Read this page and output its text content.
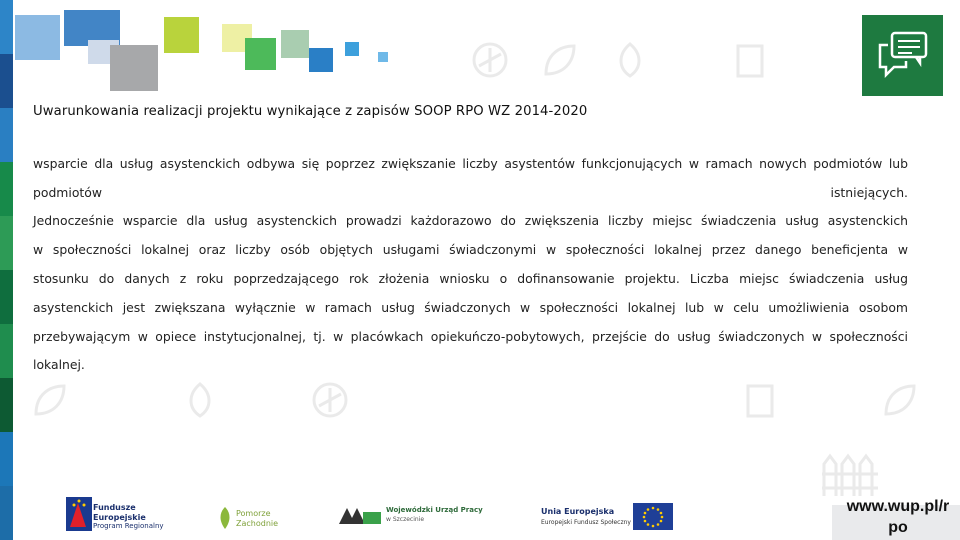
Uwarunkowania realizacji projektu wynikające z zapisów SOOP RPO WZ 2014-2020
wsparcie dla usług asystenckich odbywa się poprzez zwiększanie liczby asystentów funkcjonujących w ramach nowych podmiotów lub
podmiotów	istniejących.
Jednocześnie wsparcie dla usług asystenckich prowadzi każdorazowo do zwiększenia liczby miejsc świadczenia usług asystenckich
w społeczności lokalnej oraz liczby osób objętych usługami świadczonymi w społeczności lokalnej przez danego beneficjenta w
stosunku do danych z roku poprzedzającego rok złożenia wniosku o dofinansowanie projektu. Liczba miejsc świadczenia usług
asystenckich jest zwiększana wyłącznie w ramach usług świadczonych w społeczności lokalnej lub w celu umożliwienia osobom
przebywającym w opiece instytucjonalnej, tj. w placówkach opiekuńczo-pobytowych, przejście do usług świadczonych w społeczności
lokalnej.
Fundusze
Europejskie
Program Regionalny
Pomorze
Zachodnie
Wojewódzki Urząd Pracy
w Szczecinie
Unia Europejska
Europejski Fundusz Społeczny
www.wup.pl/r
po
